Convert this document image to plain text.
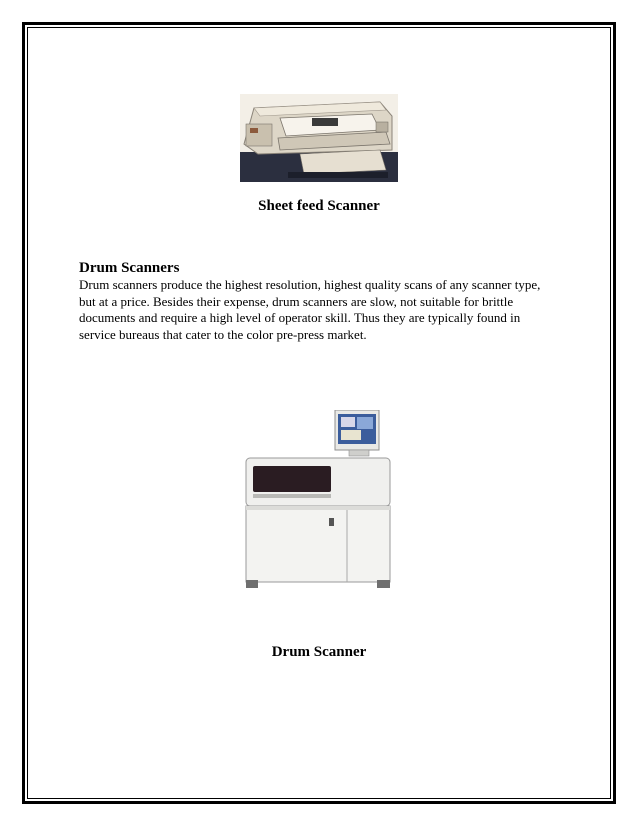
Sheet feed Scanner
Drum Scanners
Drum scanners produce the highest resolution, highest quality scans of any scanner type, but at a price. Besides their expense, drum scanners are slow, not suitable for brittle documents and require a high level of operator skill. Thus they are typically found in service bureaus that cater to the color pre-press market.
Drum Scanner
